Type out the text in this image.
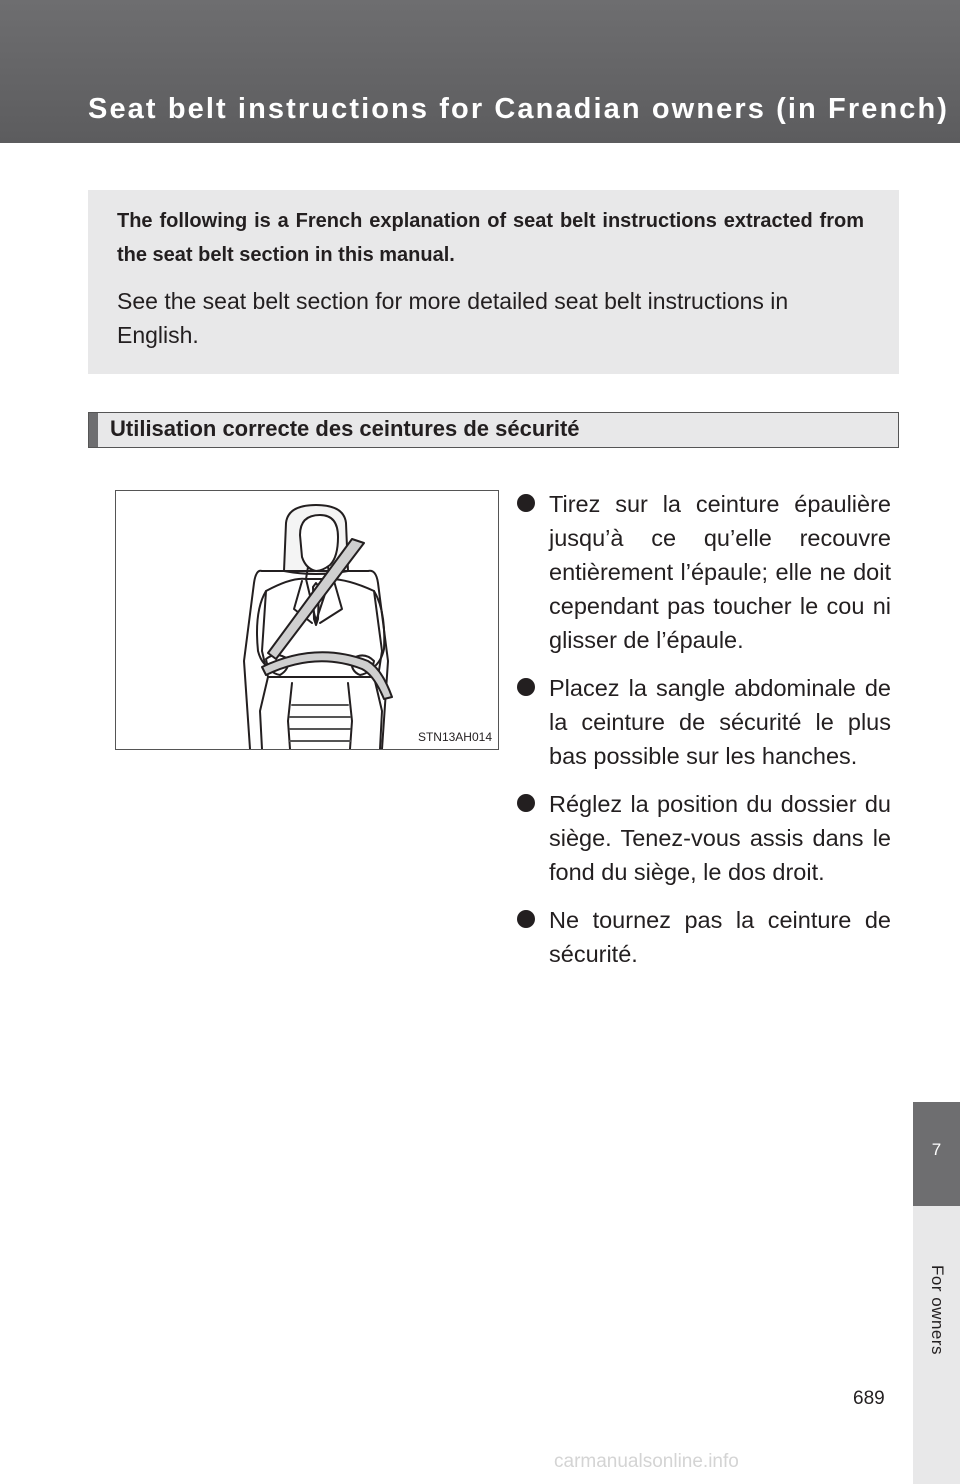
Seat belt instructions for Canadian owners (in French)

The following is a French explanation of seat belt instructions extracted from the seat belt section in this manual.

See the seat belt section for more detailed seat belt instructions in English.

Utilisation correcte des ceintures de sécurité
STN13AH014
Tirez sur la ceinture épaulière jusqu’à ce qu’elle recouvre entièrement l’épaule; elle ne doit cependant pas toucher le cou ni glisser de l’épaule.
Placez la sangle abdominale de la ceinture de sécurité le plus bas possible sur les hanches.
Réglez la position du dossier du siège. Tenez-vous assis dans le fond du siège, le dos droit.
Ne tournez pas la ceinture de sécurité.
7
For owners
689
carmanualsonline.info
